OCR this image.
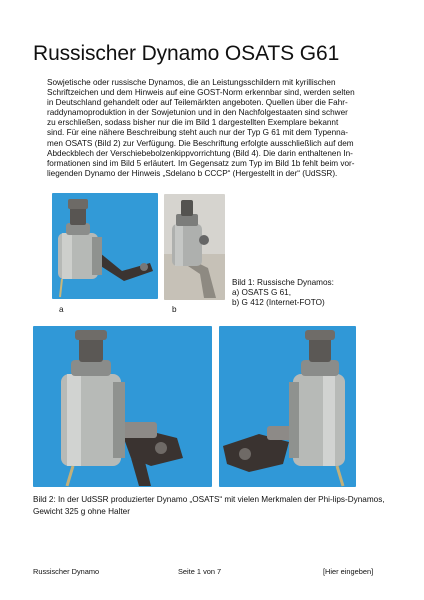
Russischer Dynamo OSATS G61

Sowjetische oder russische Dynamos, die an Leistungsschildern mit kyrillischen

Schriftzeichen und dem Hinweis auf eine GOST-Norm erkennbar sind, werden selten

in Deutschland gehandelt oder auf Teilemärkten angeboten. Quellen über die Fahr-

raddynamoproduktion in der Sowjetunion und in den Nachfolgestaaten sind schwer

zu erschließen, sodass bisher nur die im Bild 1 dargestellten Exemplare bekannt

sind. Für eine nähere Beschreibung steht auch nur der Typ G 61 mit dem Typenna-

men OSATS (Bild 2) zur Verfügung. Die Beschriftung erfolgte ausschließlich auf dem

Abdeckblech der Verschiebebolzenkippvorrichtung (Bild 4). Die darin enthaltenen In-

formationen sind im Bild 5 erläutert. Im Gegensatz zum Typ im Bild 1b fehlt beim vor-

liegenden Dynamo der Hinweis „Sdelano b CCCP“ (Hergestellt in der“ (UdSSR).

a	b
Bild 1: Russische Dynamos:
a) OSATS G 61,
b) G 412 (Internet-FOTO)
Bild 2: In der UdSSR produzierter Dynamo „OSATS“ mit vielen Merkmalen der Phi-lips-Dynamos, Gewicht 325 g ohne Halter
Russischer Dynamo	Seite 1 von 7	[Hier eingeben]
